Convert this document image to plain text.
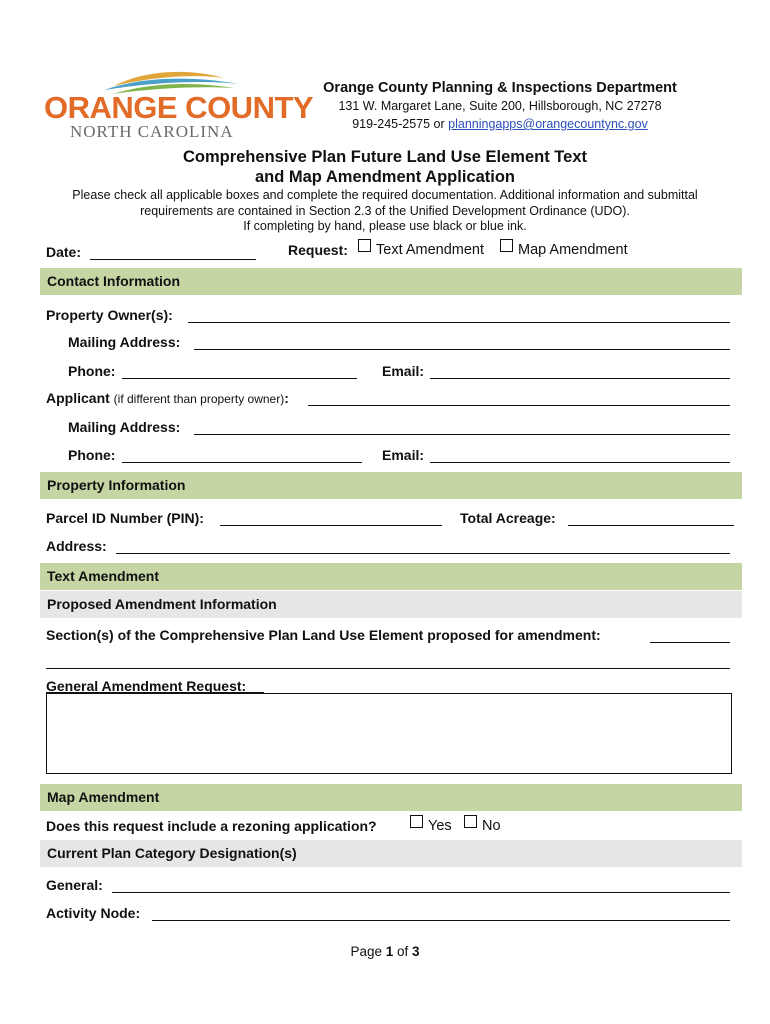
ORANGE COUNTY
NORTH CAROLINA
Orange County Planning & Inspections Department
131 W. Margaret Lane, Suite 200, Hillsborough, NC 27278
919-245-2575 or planningapps@orangecountync.gov
Comprehensive Plan Future Land Use Element Text
and Map Amendment Application
Please check all applicable boxes and complete the required documentation. Additional information and submittal
requirements are contained in Section 2.3 of the Unified Development Ordinance (UDO).
If completing by hand, please use black or blue ink.
Date:	Request: Text Amendment Map Amendment
Contact Information
Property Owner(s):
Mailing Address:
Phone:	Email:
Applicant (if different than property owner):
Mailing Address:
Phone:	Email:
Property Information
Parcel ID Number (PIN):	Total Acreage:
Address:
Text Amendment
Proposed Amendment Information
Section(s) of the Comprehensive Plan Land Use Element proposed for amendment:
General Amendment Request:
Map Amendment
Does this request include a rezoning application?	Yes No
Current Plan Category Designation(s)
General:
Activity Node:
Page 1 of 3
